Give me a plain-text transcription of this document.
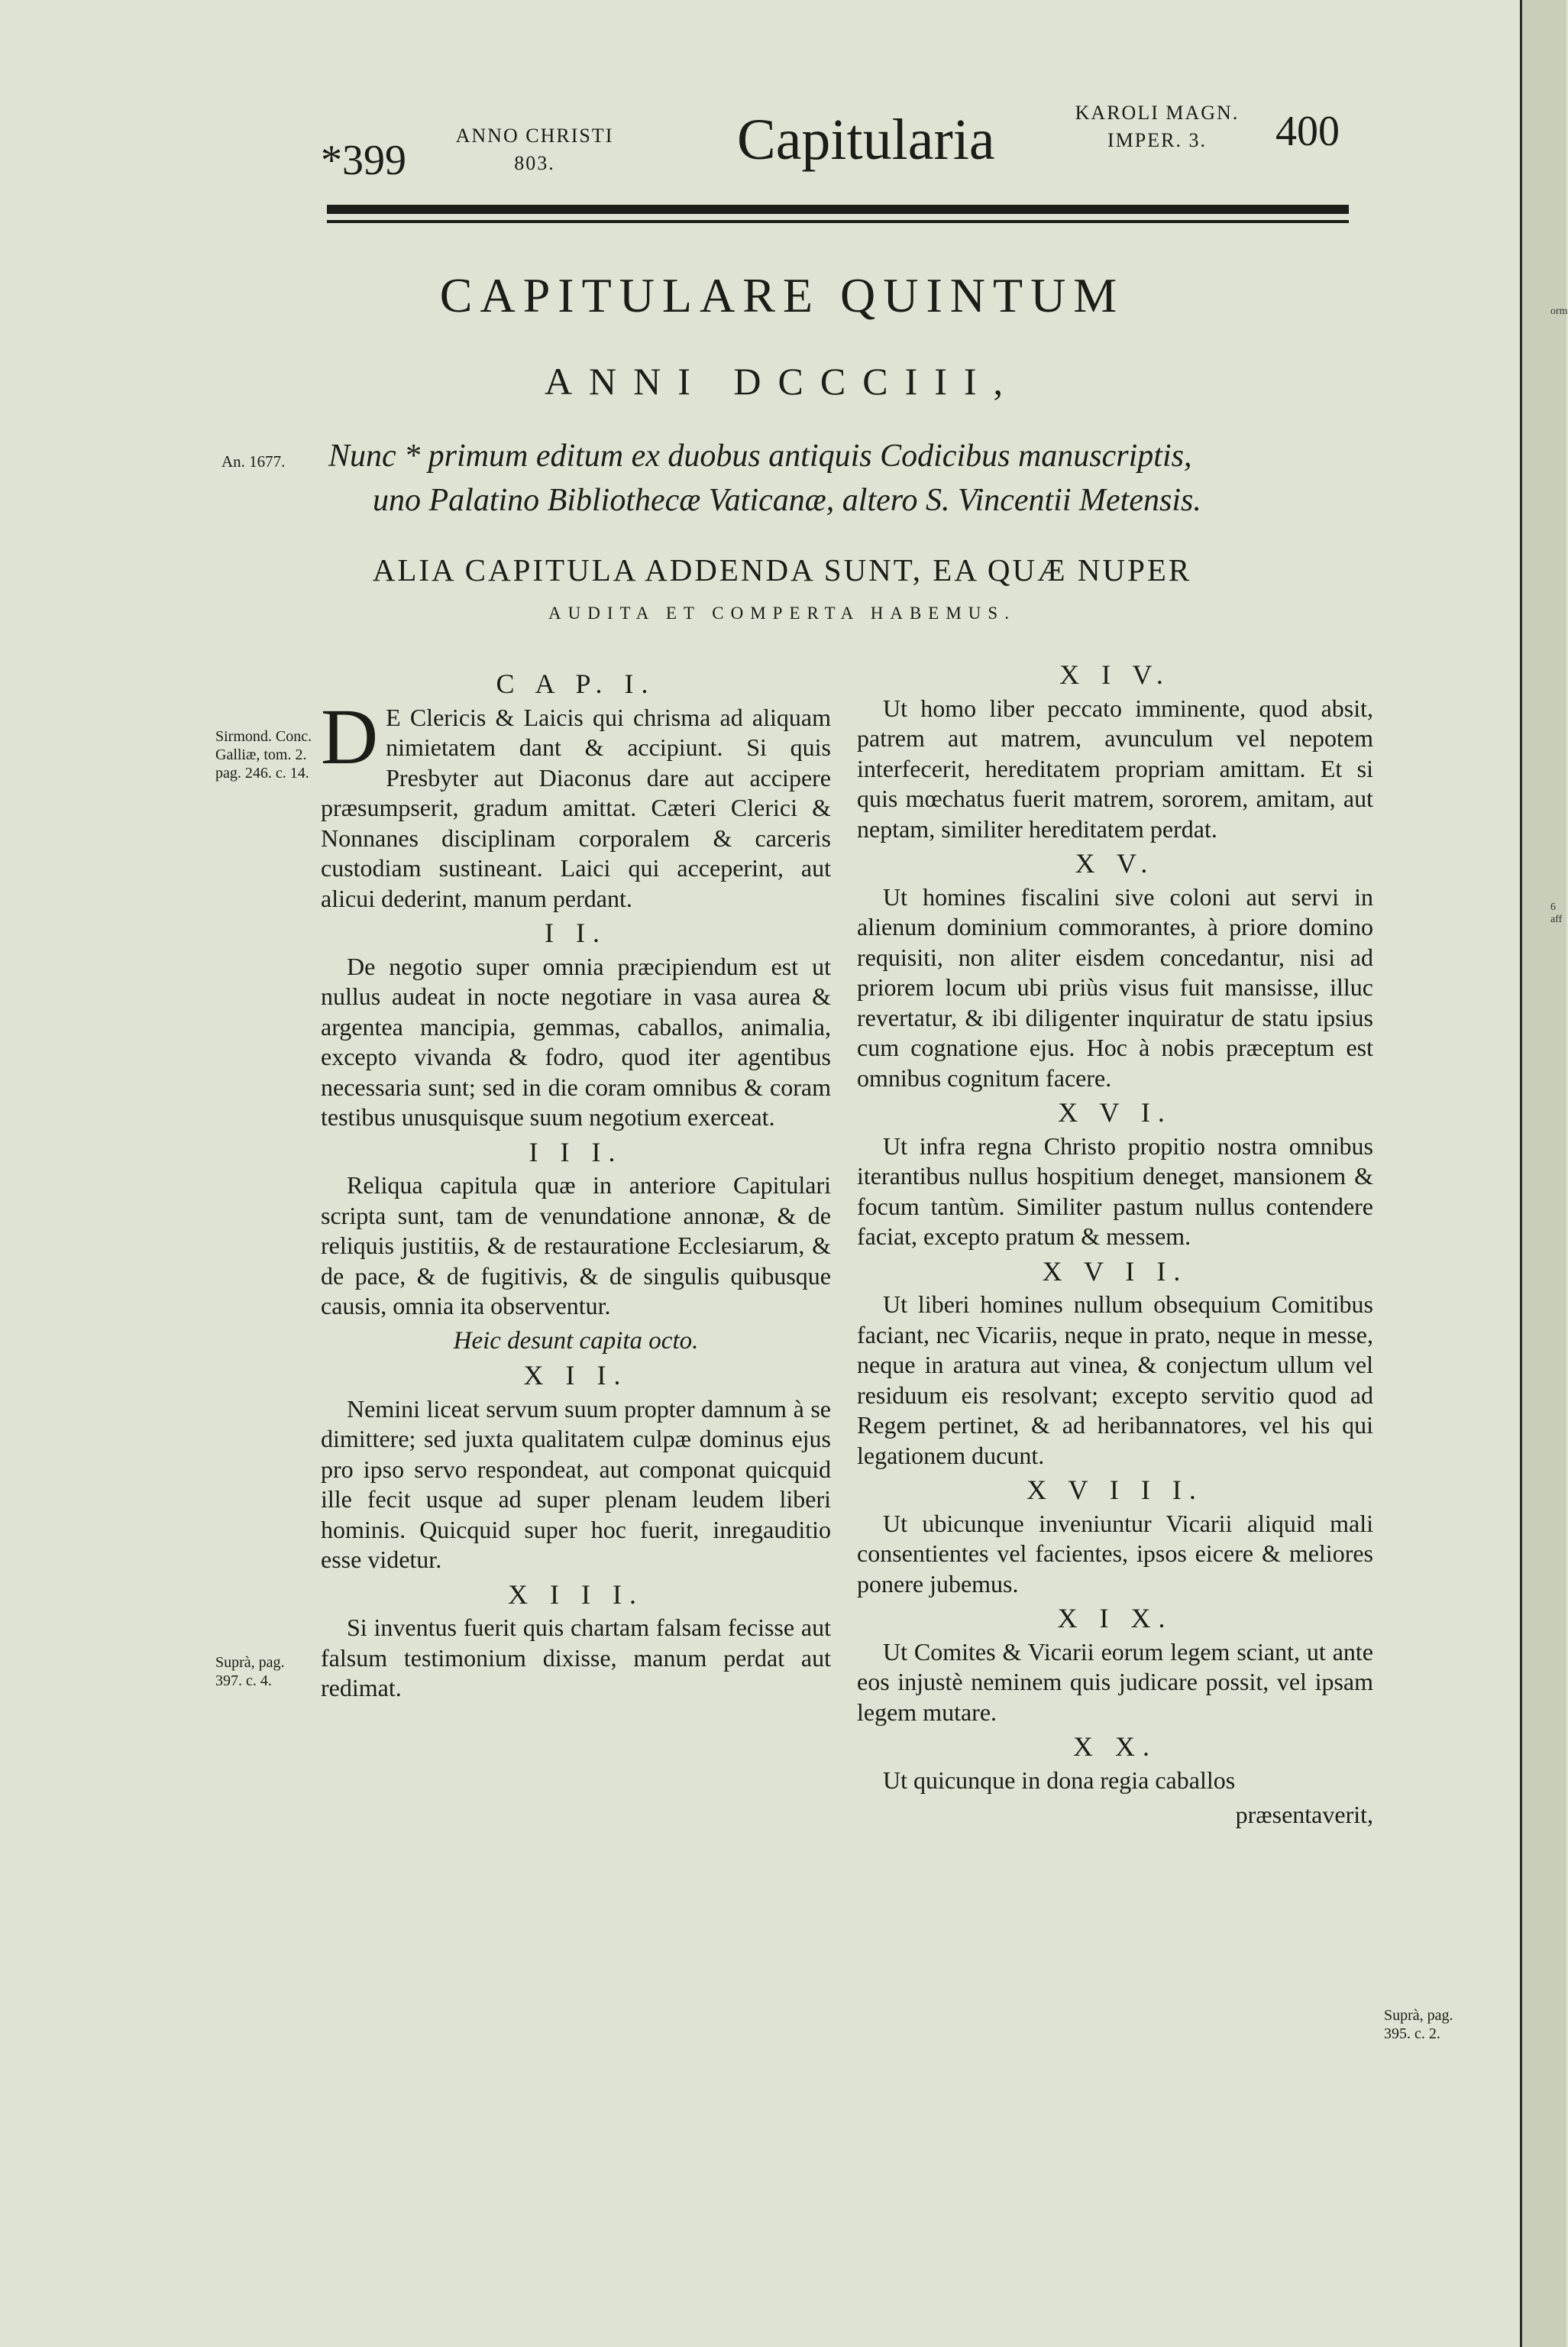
orm
6 aff
*399
ANNO CHRISTI
803.	Capitularia	KAROLI MAGN.
IMPER. 3.	400
CAPITULARE QUINTUM
ANNI DCCCIII,
An. 1677. Nunc * primum editum ex duobus antiquis Codicibus manuscriptis,
uno Palatino Bibliothecæ Vaticanæ, altero S. Vincentii Metensis.
ALIA CAPITULA ADDENDA SUNT, EA QUÆ NUPER
AUDITA ET COMPERTA HABEMUS.
Sirmond. Conc. Galliæ, tom. 2. pag. 246. c. 14.
Suprà, pag. 397. c. 4.
Suprà, pag. 395. c. 2.
C A P. I.

D E Clericis & Laicis qui chrisma ad aliquam nimietatem dant & accipiunt. Si quis Presbyter aut Diaconus dare aut accipere præsumpserit, gradum amittat. Cæteri Clerici & Nonnanes disciplinam corporalem & carceris custodiam sustineant. Laici qui acceperint, aut alicui dederint, manum perdant.

I I.

De negotio super omnia præcipiendum est ut nullus audeat in nocte negotiare in vasa aurea & argentea mancipia, gemmas, caballos, animalia, excepto vivanda & fodro, quod iter agentibus necessaria sunt; sed in die coram omnibus & coram testibus unusquisque suum negotium exerceat.

I I I.

Reliqua capitula quæ in anteriore Capitulari scripta sunt, tam de venundatione annonæ, & de reliquis justitiis, & de restauratione Ecclesiarum, & de pace, & de fugitivis, & de singulis quibusque causis, omnia ita observentur.

Heic desunt capita octo.
X I I.

Nemini liceat servum suum propter damnum à se dimittere; sed juxta qualitatem culpæ dominus ejus pro ipso servo respondeat, aut componat quicquid ille fecit usque ad super plenam leudem liberi hominis. Quicquid super hoc fuerit, inregauditio esse videtur.

X I I I.

Si inventus fuerit quis chartam falsam fecisse aut falsum testimonium dixisse, manum perdat aut redimat.

X I V.

Ut homo liber peccato imminente, quod absit, patrem aut matrem, avunculum vel nepotem interfecerit, hereditatem propriam amittam. Et si quis mœchatus fuerit matrem, sororem, amitam, aut neptam, similiter hereditatem perdat.

X V.

Ut homines fiscalini sive coloni aut servi in alienum dominium commorantes, à priore domino requisiti, non aliter eisdem concedantur, nisi ad priorem locum ubi priùs visus fuit mansisse, illuc revertatur, & ibi diligenter inquiratur de statu ipsius cum cognatione ejus. Hoc à nobis præceptum est omnibus cognitum facere.

X V I.

Ut infra regna Christo propitio nostra omnibus iterantibus nullus hospitium deneget, mansionem & focum tantùm. Similiter pastum nullus contendere faciat, excepto pratum & messem.

X V I I.

Ut liberi homines nullum obsequium Comitibus faciant, nec Vicariis, neque in prato, neque in messe, neque in aratura aut vinea, & conjectum ullum vel residuum eis resolvant; excepto servitio quod ad Regem pertinet, & ad heribannatores, vel his qui legationem ducunt.

X V I I I.

Ut ubicunque inveniuntur Vicarii aliquid mali consentientes vel facientes, ipsos eicere & meliores ponere jubemus.

X I X.

Ut Comites & Vicarii eorum legem sciant, ut ante eos injustè neminem quis judicare possit, vel ipsam legem mutare.

X X.

Ut quicunque in dona regia caballos

præsentaverit,
